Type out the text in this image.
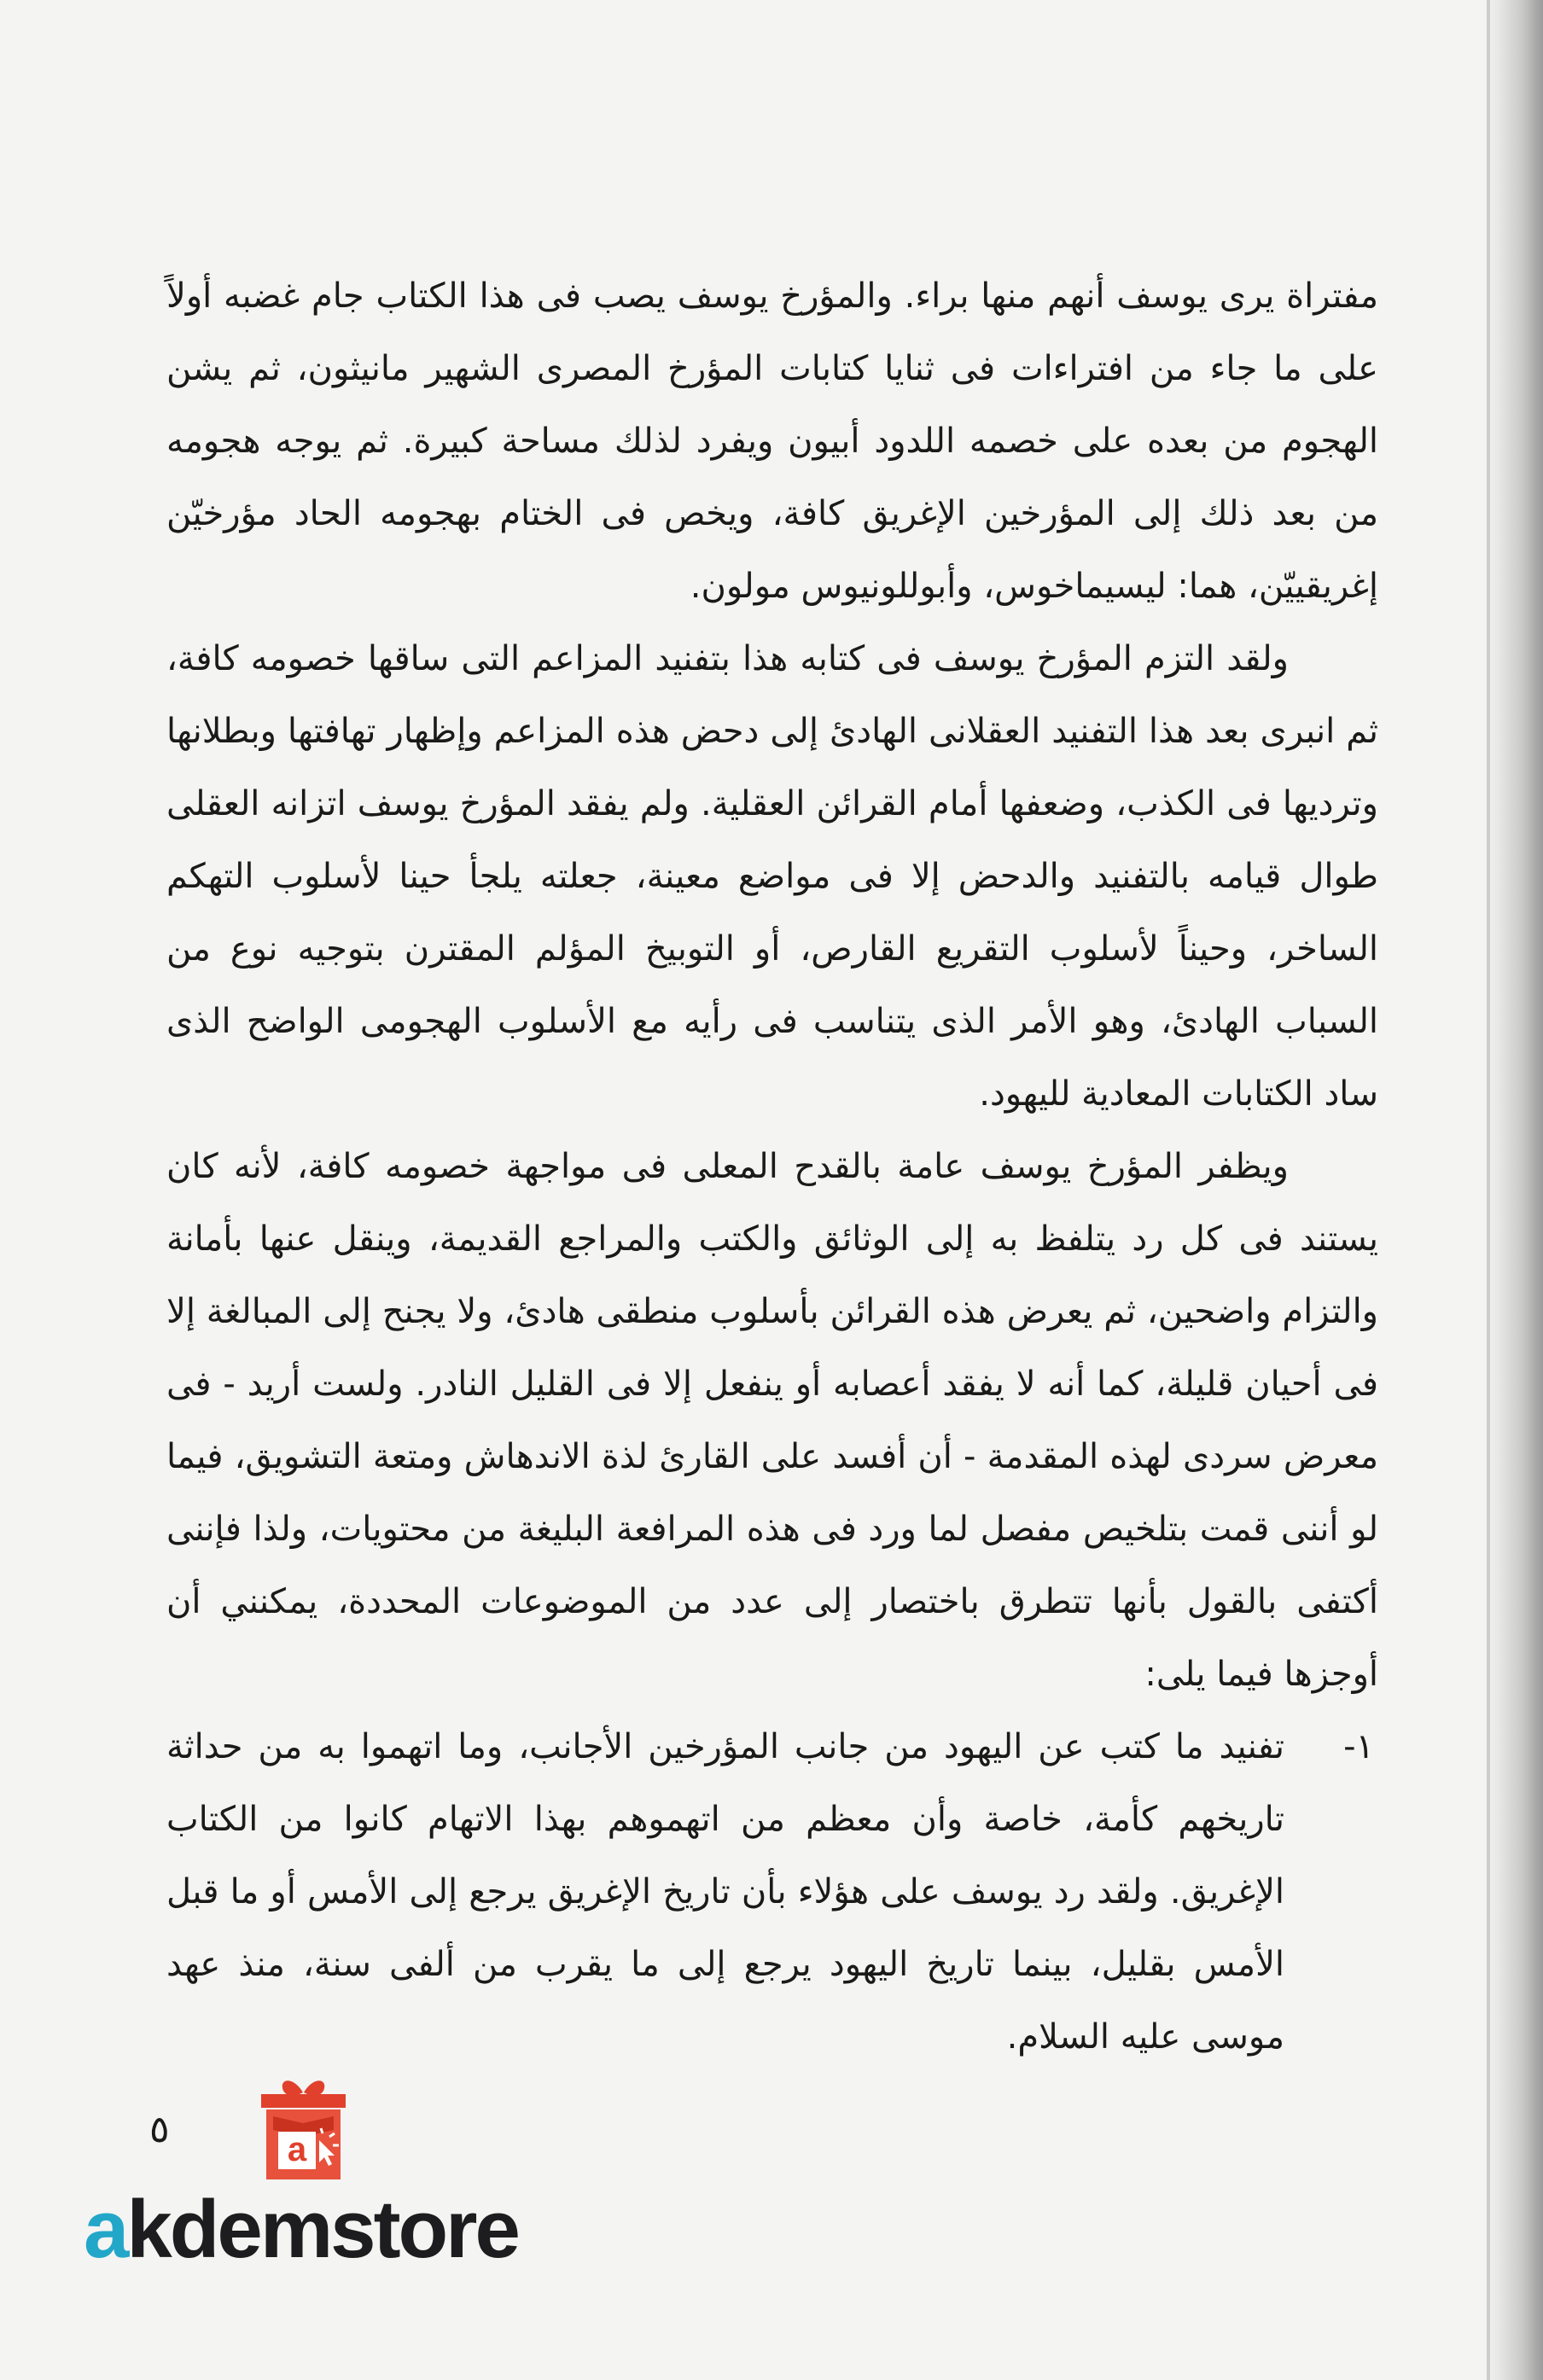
مفتراة يرى يوسف أنهم منها براء. والمؤرخ يوسف يصب فى هذا الكتاب جام غضبه أولاً على ما جاء من افتراءات فى ثنايا كتابات المؤرخ المصرى الشهير مانيثون، ثم يشن الهجوم من بعده على خصمه اللدود أبيون ويفرد لذلك مساحة كبيرة. ثم يوجه هجومه من بعد ذلك إلى المؤرخين الإغريق كافة، ويخص فى الختام بهجومه الحاد مؤرخيّن إغريقييّن، هما: ليسيماخوس، وأبوللونيوس مولون.

ولقد التزم المؤرخ يوسف فى كتابه هذا بتفنيد المزاعم التى ساقها خصومه كافة، ثم انبرى بعد هذا التفنيد العقلانى الهادئ إلى دحض هذه المزاعم وإظهار تهافتها وبطلانها وترديها فى الكذب، وضعفها أمام القرائن العقلية. ولم يفقد المؤرخ يوسف اتزانه العقلى طوال قيامه بالتفنيد والدحض إلا فى مواضع معينة، جعلته يلجأ حينا لأسلوب التهكم الساخر، وحيناً لأسلوب التقريع القارص، أو التوبيخ المؤلم المقترن بتوجيه نوع من السباب الهادئ، وهو الأمر الذى يتناسب فى رأيه مع الأسلوب الهجومى الواضح الذى ساد الكتابات المعادية لليهود.

ويظفر المؤرخ يوسف عامة بالقدح المعلى فى مواجهة خصومه كافة، لأنه كان يستند فى كل رد يتلفظ به إلى الوثائق والكتب والمراجع القديمة، وينقل عنها بأمانة والتزام واضحين، ثم يعرض هذه القرائن بأسلوب منطقى هادئ، ولا يجنح إلى المبالغة إلا فى أحيان قليلة، كما أنه لا يفقد أعصابه أو ينفعل إلا فى القليل النادر. ولست أريد - فى معرض سردى لهذه المقدمة - أن أفسد على القارئ لذة الاندهاش ومتعة التشويق، فيما لو أننى قمت بتلخيص مفصل لما ورد فى هذه المرافعة البليغة من محتويات، ولذا فإننى أكتفى بالقول بأنها تتطرق باختصار إلى عدد من الموضوعات المحددة، يمكنني أن أوجزها فيما يلى:

١-
تفنيد ما كتب عن اليهود من جانب المؤرخين الأجانب، وما اتهموا به من حداثة تاريخهم كأمة، خاصة وأن معظم من اتهموهم بهذا الاتهام كانوا من الكتاب الإغريق. ولقد رد يوسف على هؤلاء بأن تاريخ الإغريق يرجع إلى الأمس أو ما قبل الأمس بقليل، بينما تاريخ اليهود يرجع إلى ما يقرب من ألفى سنة، منذ عهد موسى عليه السلام.
٥	a
akdemstore
